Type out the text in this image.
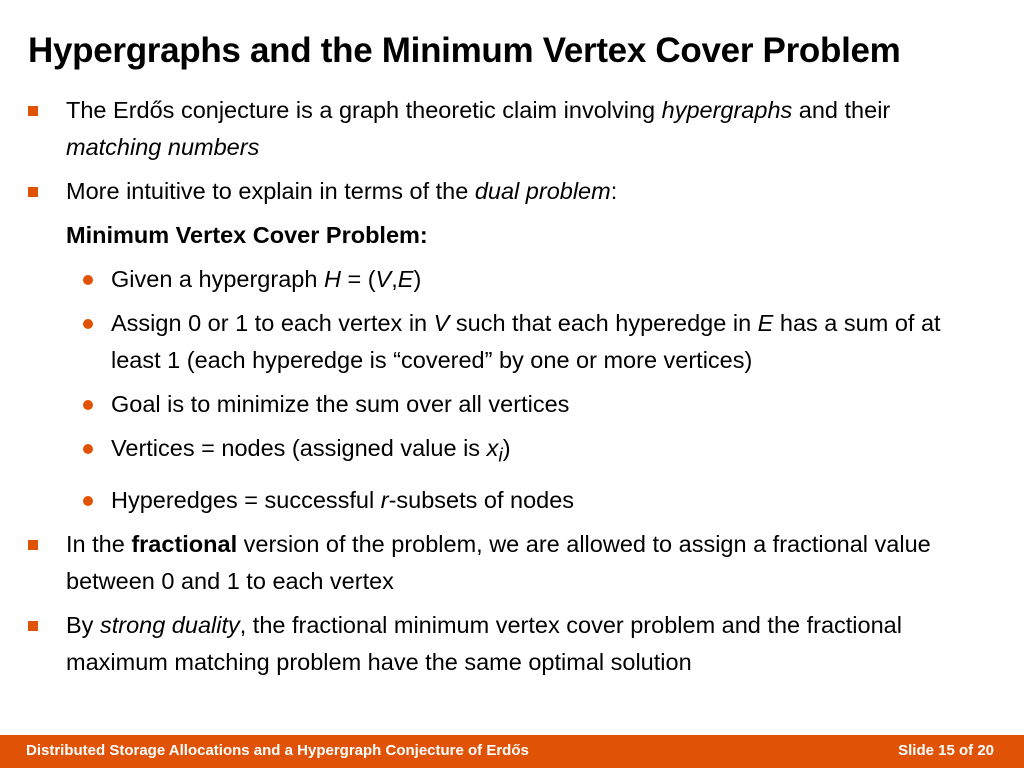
Hypergraphs and the Minimum Vertex Cover Problem
The Erdős conjecture is a graph theoretic claim involving hypergraphs and their matching numbers
More intuitive to explain in terms of the dual problem:
Minimum Vertex Cover Problem:
Given a hypergraph H = (V,E)
Assign 0 or 1 to each vertex in V such that each hyperedge in E has a sum of at least 1 (each hyperedge is “covered” by one or more vertices)
Goal is to minimize the sum over all vertices
Vertices = nodes (assigned value is $x_i$)
Hyperedges = successful r-subsets of nodes
In the fractional version of the problem, we are allowed to assign a fractional value between 0 and 1 to each vertex
By strong duality, the fractional minimum vertex cover problem and the fractional maximum matching problem have the same optimal solution
Distributed Storage Allocations and a Hypergraph Conjecture of Erdős	Slide 15 of 20
